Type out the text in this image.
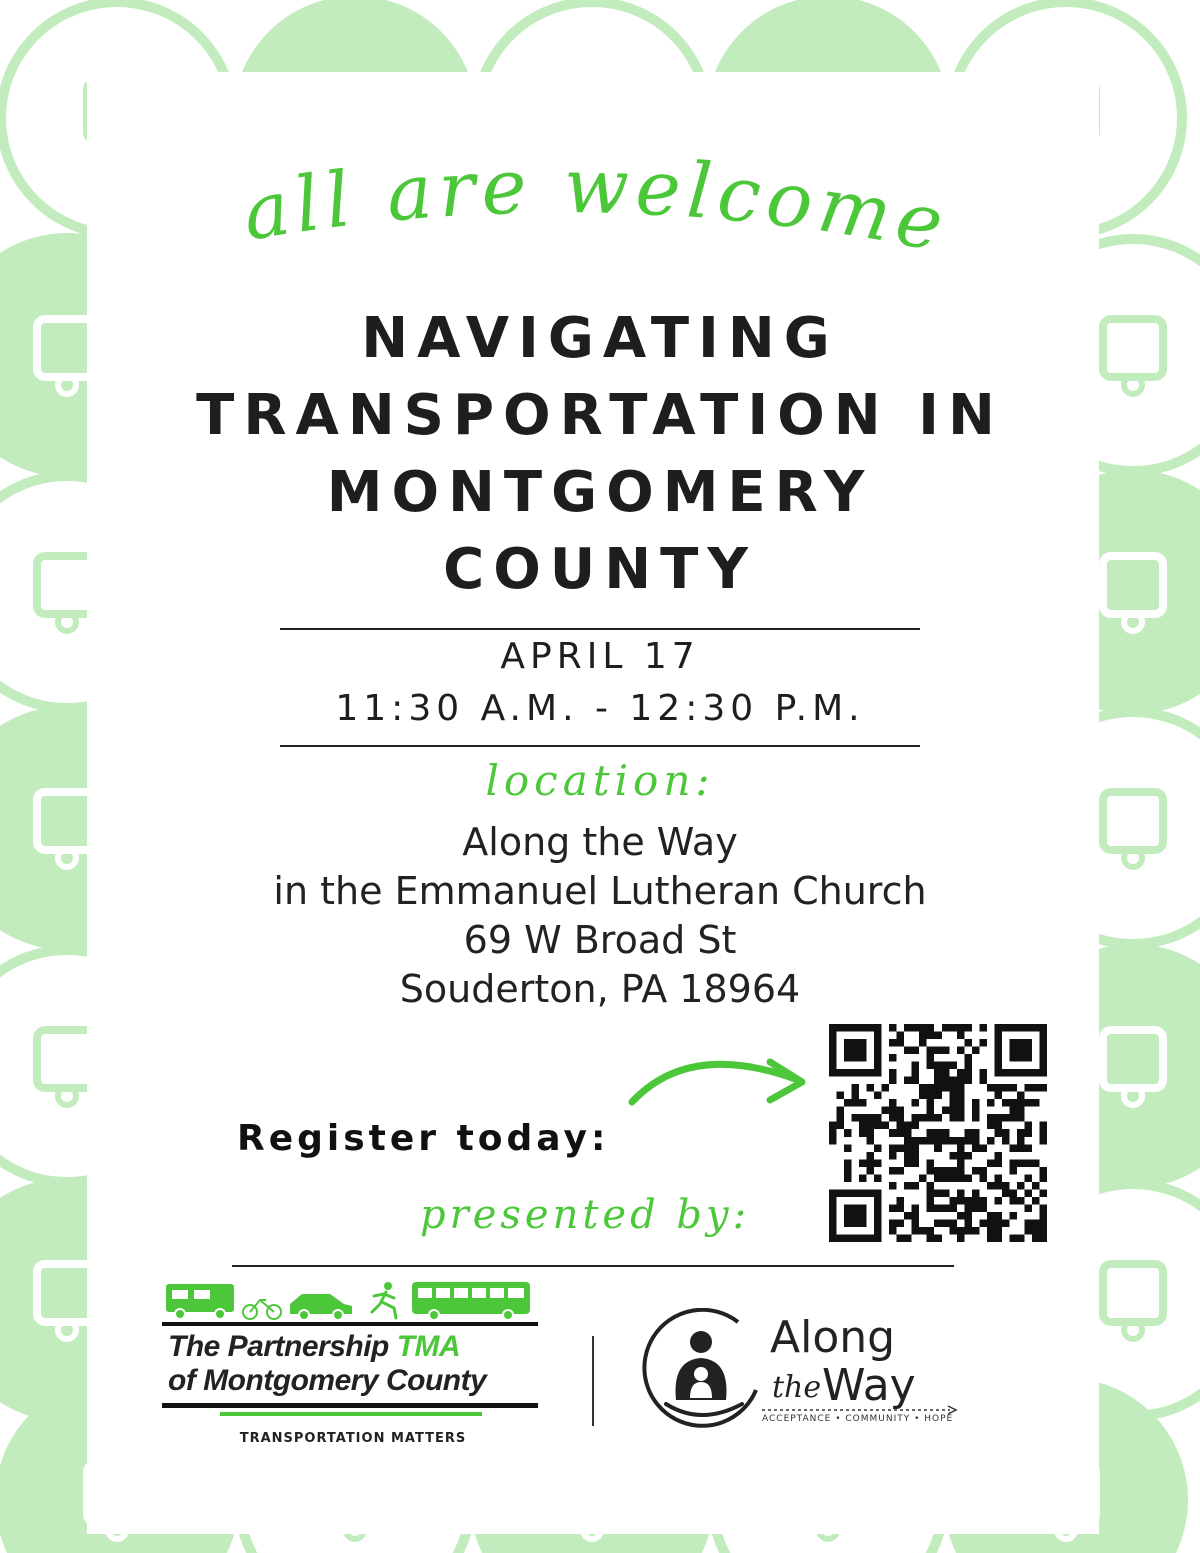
all are welcome
NAVIGATING
TRANSPORTATION IN
MONTGOMERY
COUNTY
APRIL 17
11:30 A.M. - 12:30 P.M.
location:
Along the Way
in the Emmanuel Lutheran Church
69 W Broad St
Souderton, PA 18964
Register today:
presented by:
The Partnership TMA
of Montgomery County
TRANSPORTATION MATTERS
Along
the Way
ACCEPTANCE • COMMUNITY • HOPE
